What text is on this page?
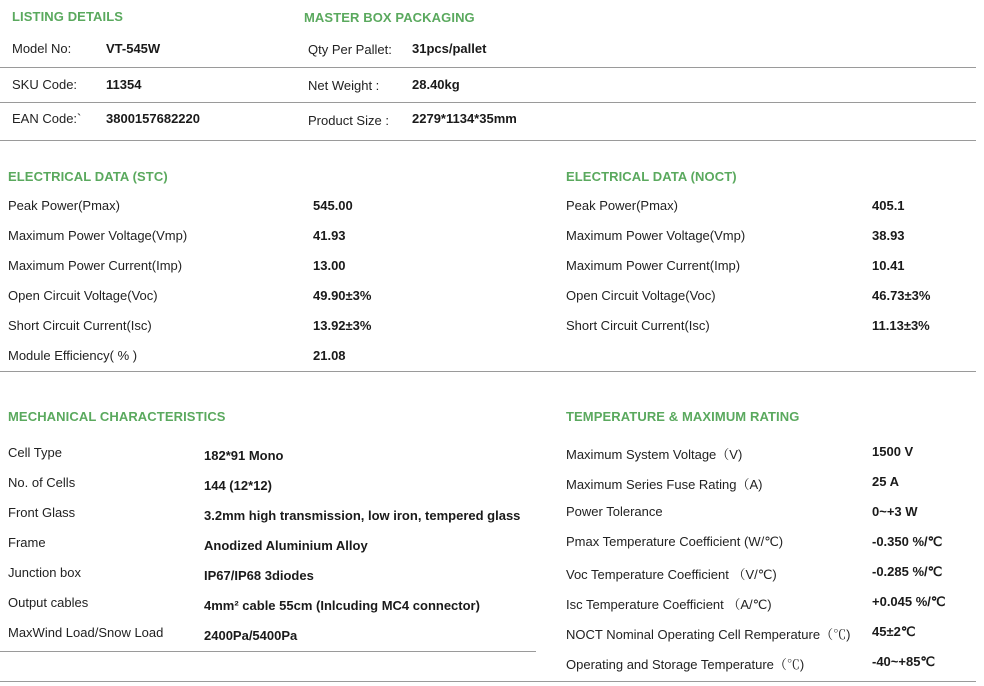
LISTING DETAILS
Model No:	VT-545W
SKU Code: 11354
EAN Code:` 3800157682220
MASTER BOX PACKAGING
Qty Per Pallet: 31pcs/pallet
Net Weight :	28.40kg
Product Size : 2279*1134*35mm
ELECTRICAL DATA (STC)
Peak Power(Pmax)	545.00
Maximum Power Voltage(Vmp)	41.93
Maximum Power Current(Imp)	13.00
Open Circuit Voltage(Voc)	49.90±3%
Short Circuit Current(Isc)	13.92±3%
Module Efficiency( % )	21.08
ELECTRICAL DATA (NOCT)
Peak Power(Pmax)	405.1
Maximum Power Voltage(Vmp)	38.93
Maximum Power Current(Imp)	10.41
Open Circuit Voltage(Voc)	46.73±3%
Short Circuit Current(Isc)	11.13±3%
MECHANICAL CHARACTERISTICS
Cell Type	182*91 Mono
No. of Cells	144 (12*12)
Front Glass	3.2mm high transmission, low iron, tempered glass
Frame	Anodized Aluminium Alloy
Junction box	IP67/IP68 3diodes
Output cables	4mm² cable 55cm (Inlcuding MC4 connector)
MaxWind Load/Snow Load	2400Pa/5400Pa
TEMPERATURE & MAXIMUM RATING
Maximum System Voltage（V)	1500 V
Maximum Series Fuse Rating（A)	25 A
Power Tolerance	0~+3 W
Pmax Temperature Coefficient (W/℃)	-0.350 %/℃
Voc Temperature Coefficient （V/℃)	-0.285 %/℃
Isc Temperature Coefficient （A/℃)	+0.045 %/℃
NOCT Nominal Operating Cell Remperature（℃) 45±2℃
Operating and Storage Temperature（℃)	-40~+85℃
